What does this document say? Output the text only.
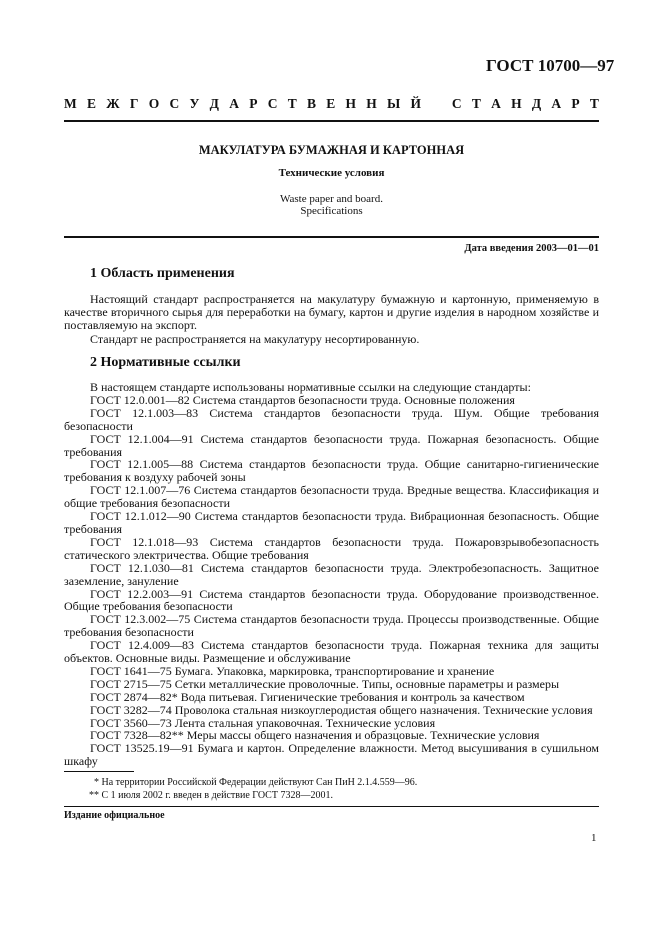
ГОСТ 10700—97
М Е Ж Г О С У Д А Р С Т В Е Н Н Ы Й С Т А Н Д А Р Т
МАКУЛАТУРА БУМАЖНАЯ И КАРТОННАЯ
Технические условия
Waste paper and board.
Specifications
Дата введения 2003—01—01
1 Область применения

Настоящий стандарт распространяется на макулатуру бумажную и картонную, применяемую в качестве вторичного сырья для переработки на бумагу, картон и другие изделия в народном хозяйстве и поставляемую на экспорт.

Стандарт не распространяется на макулатуру несортированную.

2 Нормативные ссылки
В настоящем стандарте использованы нормативные ссылки на следующие стандарты:
ГОСТ 12.0.001—82 Система стандартов безопасности труда. Основные положения
ГОСТ 12.1.003—83 Система стандартов безопасности труда. Шум. Общие требования безопасности
ГОСТ 12.1.004—91 Система стандартов безопасности труда. Пожарная безопасность. Общие требования
ГОСТ 12.1.005—88 Система стандартов безопасности труда. Общие санитарно-гигиенические требования к воздуху рабочей зоны
ГОСТ 12.1.007—76 Система стандартов безопасности труда. Вредные вещества. Классификация и общие требования безопасности
ГОСТ 12.1.012—90 Система стандартов безопасности труда. Вибрационная безопасность. Общие требования
ГОСТ 12.1.018—93 Система стандартов безопасности труда. Пожаровзрывобезопасность статического электричества. Общие требования
ГОСТ 12.1.030—81 Система стандартов безопасности труда. Электробезопасность. Защитное заземление, зануление
ГОСТ 12.2.003—91 Система стандартов безопасности труда. Оборудование производственное. Общие требования безопасности
ГОСТ 12.3.002—75 Система стандартов безопасности труда. Процессы производственные. Общие требования безопасности
ГОСТ 12.4.009—83 Система стандартов безопасности труда. Пожарная техника для защиты объектов. Основные виды. Размещение и обслуживание
ГОСТ 1641—75 Бумага. Упаковка, маркировка, транспортирование и хранение
ГОСТ 2715—75 Сетки металлические проволочные. Типы, основные параметры и размеры
ГОСТ 2874—82* Вода питьевая. Гигиенические требования и контроль за качеством
ГОСТ 3282—74 Проволока стальная низкоуглеродистая общего назначения. Технические условия
ГОСТ 3560—73 Лента стальная упаковочная. Технические условия
ГОСТ 7328—82** Меры массы общего назначения и образцовые. Технические условия
ГОСТ 13525.19—91 Бумага и картон. Определение влажности. Метод высушивания в сушильном шкафу
* На территории Российской Федерации действуют Сан ПиН 2.1.4.559—96.
** С 1 июля 2002 г. введен в действие ГОСТ 7328—2001.
Издание официальное
1
